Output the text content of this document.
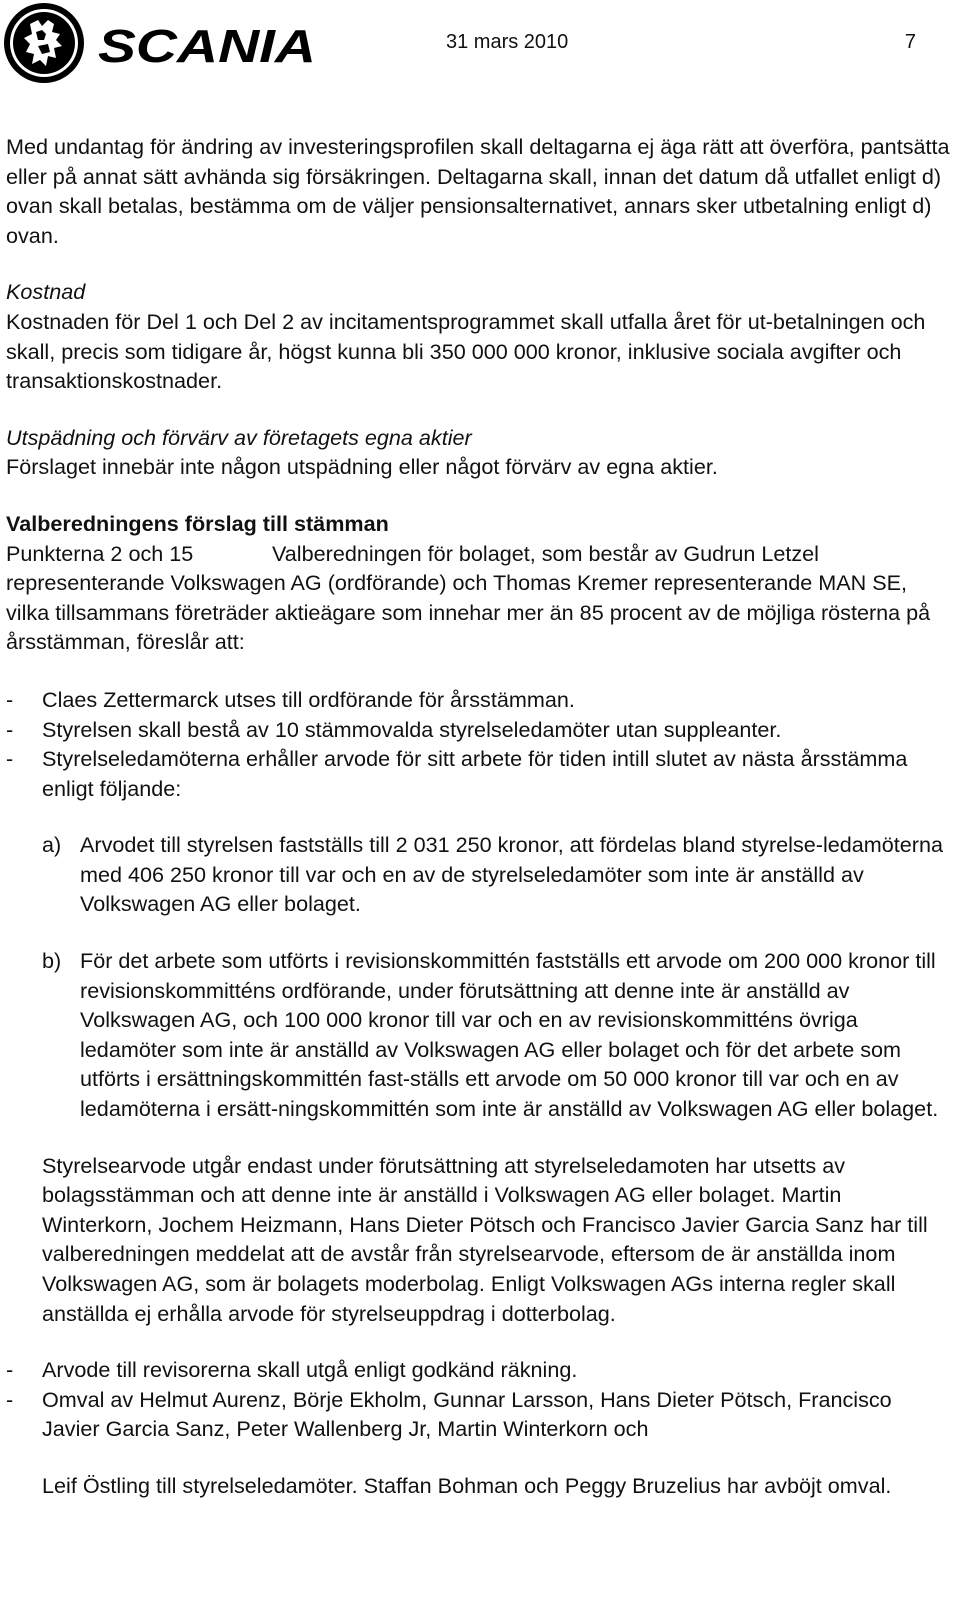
SCANIA	31 mars 2010	7

Med undantag för ändring av investeringsprofilen skall deltagarna ej äga rätt att överföra, pantsätta eller på annat sätt avhända sig försäkringen. Deltagarna skall, innan det datum då utfallet enligt d) ovan skall betalas, bestämma om de väljer pensionsalternativet, annars sker utbetalning enligt d) ovan.

Kostnad

Kostnaden för Del 1 och Del 2 av incitamentsprogrammet skall utfalla året för ut-betalningen och skall, precis som tidigare år, högst kunna bli 350 000 000 kronor, inklusive sociala avgifter och transaktionskostnader.

Utspädning och förvärv av företagets egna aktier

Förslaget innebär inte någon utspädning eller något förvärv av egna aktier.

Valberedningens förslag till stämman

Punkterna 2 och 15	Valberedningen för bolaget, som består av Gudrun Letzel

representerande Volkswagen AG (ordförande) och Thomas Kremer representerande MAN SE, vilka tillsammans företräder aktieägare som innehar mer än 85 procent av de möjliga rösterna på årsstämman, föreslår att:

- Claes Zettermarck utses till ordförande för årsstämman.
- Styrelsen skall bestå av 10 stämmovalda styrelseledamöter utan suppleanter.
- Styrelseledamöterna erhåller arvode för sitt arbete för tiden intill slutet av nästa årsstämma enligt följande:
a) Arvodet till styrelsen fastställs till 2 031 250 kronor, att fördelas bland styrelse-ledamöterna med 406 250 kronor till var och en av de styrelseledamöter som inte är anställd av Volkswagen AG eller bolaget.
b) För det arbete som utförts i revisionskommittén fastställs ett arvode om 200 000 kronor till revisionskommitténs ordförande, under förutsättning att denne inte är anställd av Volkswagen AG, och 100 000 kronor till var och en av revisionskommitténs övriga ledamöter som inte är anställd av Volkswagen AG eller bolaget och för det arbete som utförts i ersättningskommittén fast-ställs ett arvode om 50 000 kronor till var och en av ledamöterna i ersätt-ningskommittén som inte är anställd av Volkswagen AG eller bolaget.

Styrelsearvode utgår endast under förutsättning att styrelseledamoten har utsetts av bolagsstämman och att denne inte är anställd i Volkswagen AG eller bolaget. Martin Winterkorn, Jochem Heizmann, Hans Dieter Pötsch och Francisco Javier Garcia Sanz har till valberedningen meddelat att de avstår från styrelsearvode, eftersom de är anställda inom Volkswagen AG, som är bolagets moderbolag. Enligt Volkswagen AGs interna regler skall anställda ej erhålla arvode för styrelseuppdrag i dotterbolag.

- Arvode till revisorerna skall utgå enligt godkänd räkning.
- Omval av Helmut Aurenz, Börje Ekholm, Gunnar Larsson, Hans Dieter Pötsch, Francisco Javier Garcia Sanz, Peter Wallenberg Jr, Martin Winterkorn och

Leif Östling till styrelseledamöter. Staffan Bohman och Peggy Bruzelius har avböjt omval.
